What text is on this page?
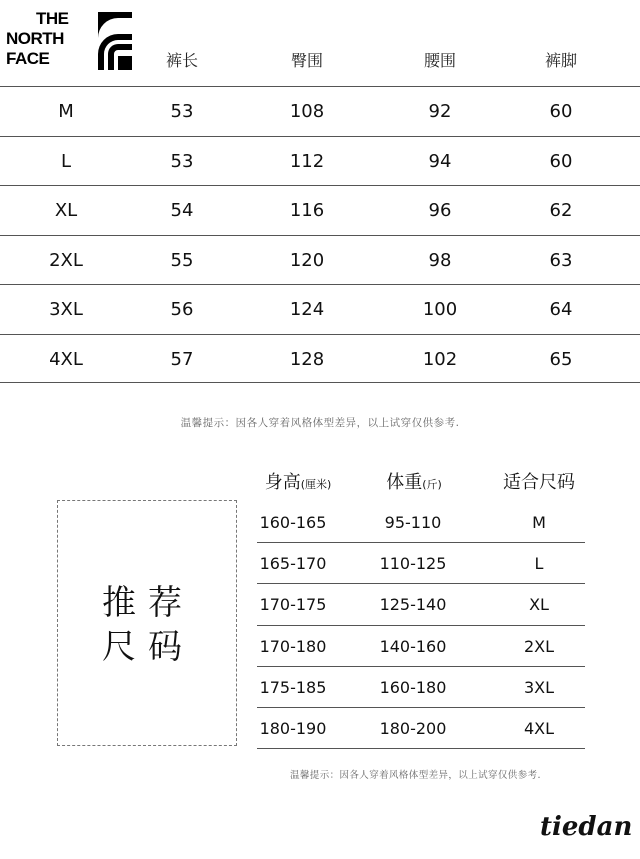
THE
NORTH
FACE	裤长	臀围	腰围	裤脚
M	53	108	92	60
L	53	112	94	60
XL	54	116	96	62
2XL	55	120	98	63
3XL	56	124	100	64
4XL	57	128	102	65
温馨提示：因各人穿着风格体型差异，以上试穿仅供参考.
推荐
尺码
身高(厘米)	体重(斤)	适合尺码
160-165	95-110	M
165-170	110-125	L
170-175	125-140	XL
170-180	140-160	2XL
175-185	160-180	3XL
180-190	180-200	4XL
温馨提示：因各人穿着风格体型差异，以上试穿仅供参考.
tiedan
